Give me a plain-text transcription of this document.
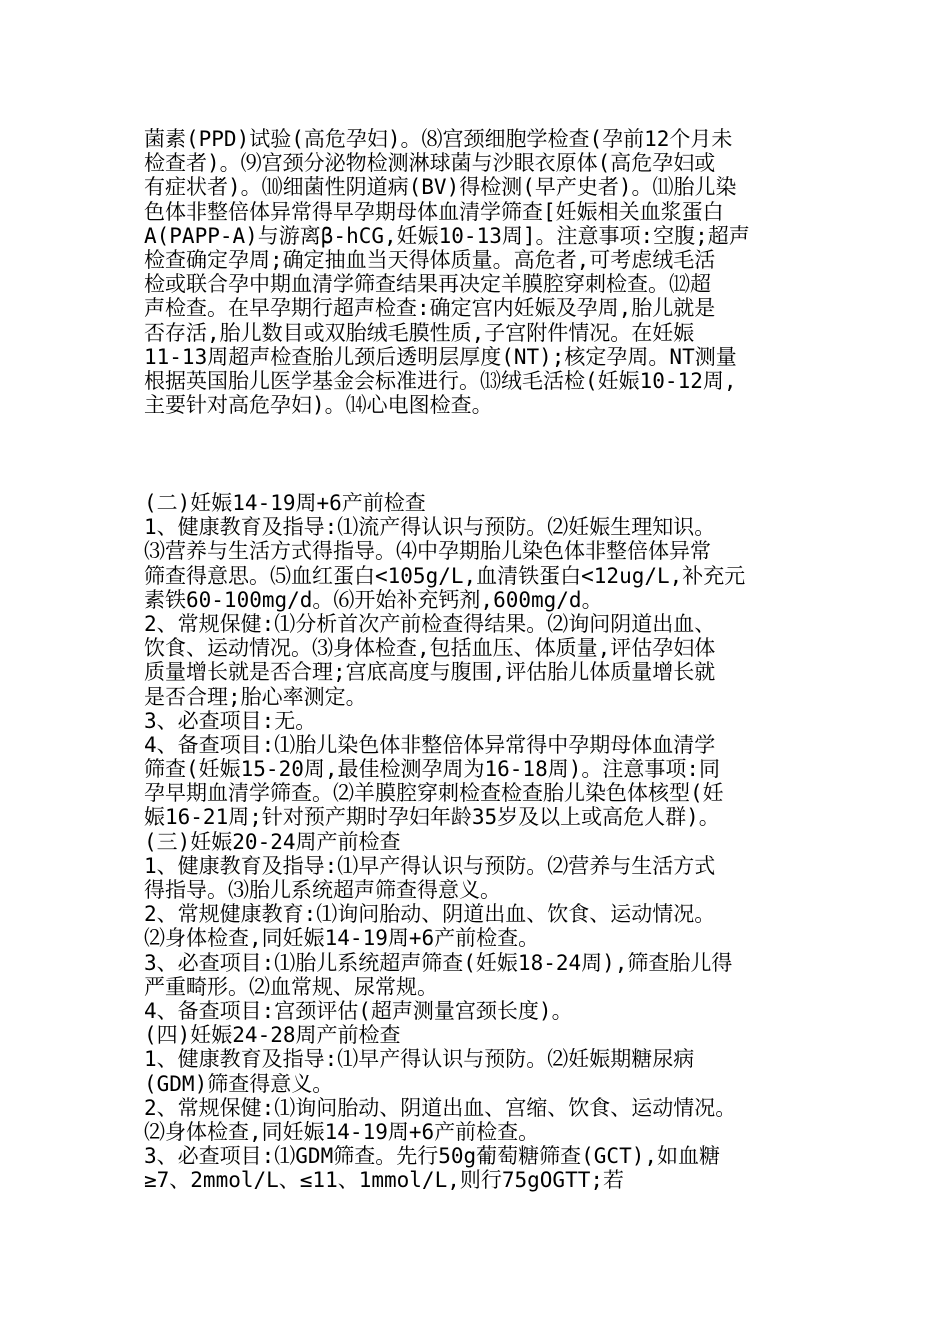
菌素(PPD)试验(高危孕妇)。⑻宫颈细胞学检查(孕前12个月未
检查者)。⑼宫颈分泌物检测淋球菌与沙眼衣原体(高危孕妇或
有症状者)。⑽细菌性阴道病(BV)得检测(早产史者)。⑾胎儿染
色体非整倍体异常得早孕期母体血清学筛查[妊娠相关血浆蛋白
A(PAPP-A)与游离β-hCG,妊娠10-13周]。注意事项:空腹;超声
检查确定孕周;确定抽血当天得体质量。高危者,可考虑绒毛活
检或联合孕中期血清学筛查结果再决定羊膜腔穿刺检查。⑿超
声检查。在早孕期行超声检查:确定宫内妊娠及孕周,胎儿就是
否存活,胎儿数目或双胎绒毛膜性质,子宫附件情况。在妊娠
11-13周超声检查胎儿颈后透明层厚度(NT);核定孕周。NT测量
根据英国胎儿医学基金会标准进行。⒀绒毛活检(妊娠10-12周,
主要针对高危孕妇)。⒁心电图检查。
(二)妊娠14-19周+6产前检查
1、健康教育及指导:⑴流产得认识与预防。⑵妊娠生理知识。
⑶营养与生活方式得指导。⑷中孕期胎儿染色体非整倍体异常
筛查得意思。⑸血红蛋白<105g/L,血清铁蛋白<12ug/L,补充元
素铁60-100mg/d。⑹开始补充钙剂,600mg/d。
2、常规保健:⑴分析首次产前检查得结果。⑵询问阴道出血、
饮食、运动情况。⑶身体检查,包括血压、体质量,评估孕妇体
质量增长就是否合理;宫底高度与腹围,评估胎儿体质量增长就
是否合理;胎心率测定。
3、必查项目:无。
4、备查项目:⑴胎儿染色体非整倍体异常得中孕期母体血清学
筛查(妊娠15-20周,最佳检测孕周为16-18周)。注意事项:同
孕早期血清学筛查。⑵羊膜腔穿刺检查检查胎儿染色体核型(妊
娠16-21周;针对预产期时孕妇年龄35岁及以上或高危人群)。
(三)妊娠20-24周产前检查
1、健康教育及指导:⑴早产得认识与预防。⑵营养与生活方式
得指导。⑶胎儿系统超声筛查得意义。
2、常规健康教育:⑴询问胎动、阴道出血、饮食、运动情况。
⑵身体检查,同妊娠14-19周+6产前检查。
3、必查项目:⑴胎儿系统超声筛查(妊娠18-24周),筛查胎儿得
严重畸形。⑵血常规、尿常规。
4、备查项目:宫颈评估(超声测量宫颈长度)。
(四)妊娠24-28周产前检查
1、健康教育及指导:⑴早产得认识与预防。⑵妊娠期糖尿病
(GDM)筛查得意义。
2、常规保健:⑴询问胎动、阴道出血、宫缩、饮食、运动情况。
⑵身体检查,同妊娠14-19周+6产前检查。
3、必查项目:⑴GDM筛查。先行50g葡萄糖筛查(GCT),如血糖
≥7、2mmol/L、≤11、1mmol/L,则行75gOGTT;若
